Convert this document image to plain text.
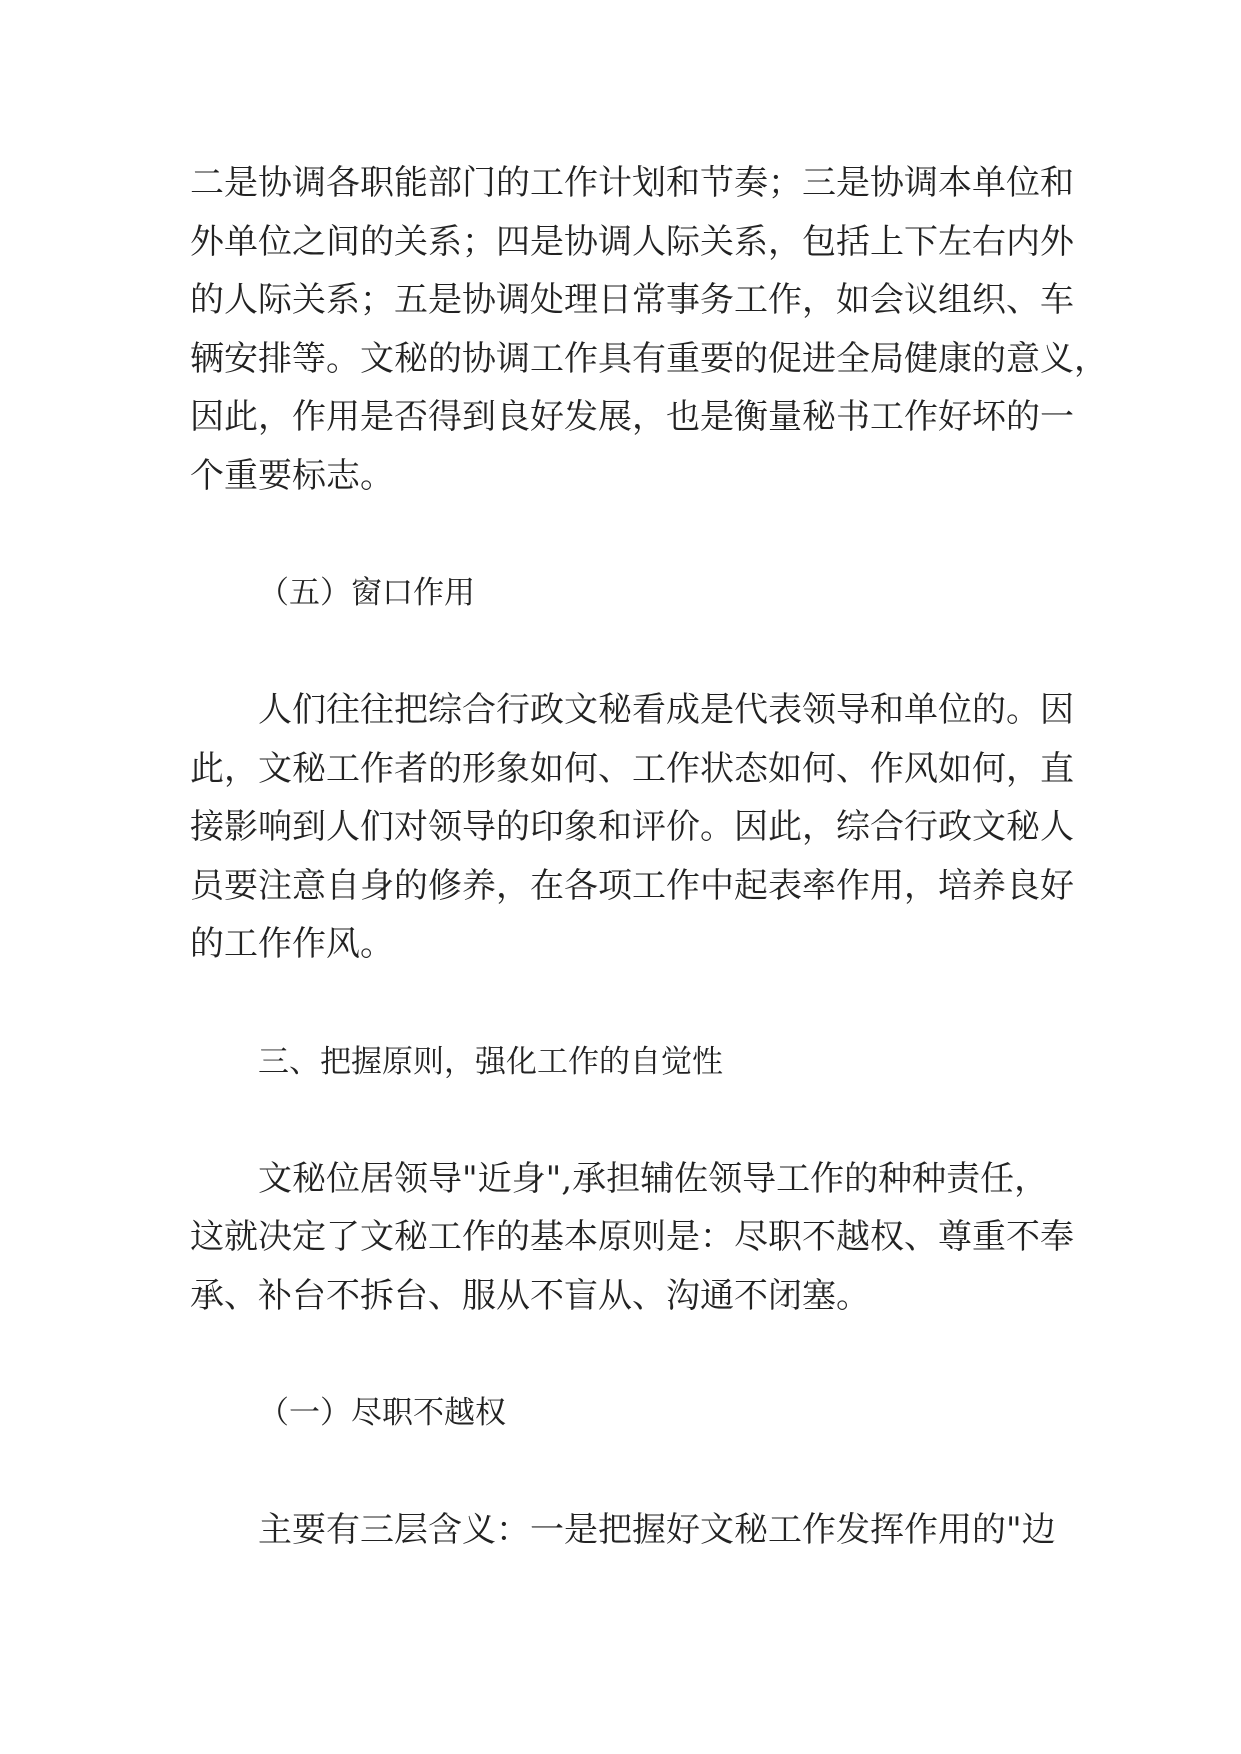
二是协调各职能部门的工作计划和节奏；三是协调本单位和

外单位之间的关系；四是协调人际关系，包括上下左右内外

的人际关系；五是协调处理日常事务工作，如会议组织、车

辆安排等。文秘的协调工作具有重要的促进全局健康的意义，

因此，作用是否得到良好发展，也是衡量秘书工作好坏的一

个重要标志。

（五）窗口作用

人们往往把综合行政文秘看成是代表领导和单位的。因

此，文秘工作者的形象如何、工作状态如何、作风如何，直

接影响到人们对领导的印象和评价。因此，综合行政文秘人

员要注意自身的修养，在各项工作中起表率作用，培养良好

的工作作风。

三、把握原则，强化工作的自觉性

文秘位居领导"近身",承担辅佐领导工作的种种责任，

这就决定了文秘工作的基本原则是：尽职不越权、尊重不奉

承、补台不拆台、服从不盲从、沟通不闭塞。

（一）尽职不越权

主要有三层含义：一是把握好文秘工作发挥作用的"边
